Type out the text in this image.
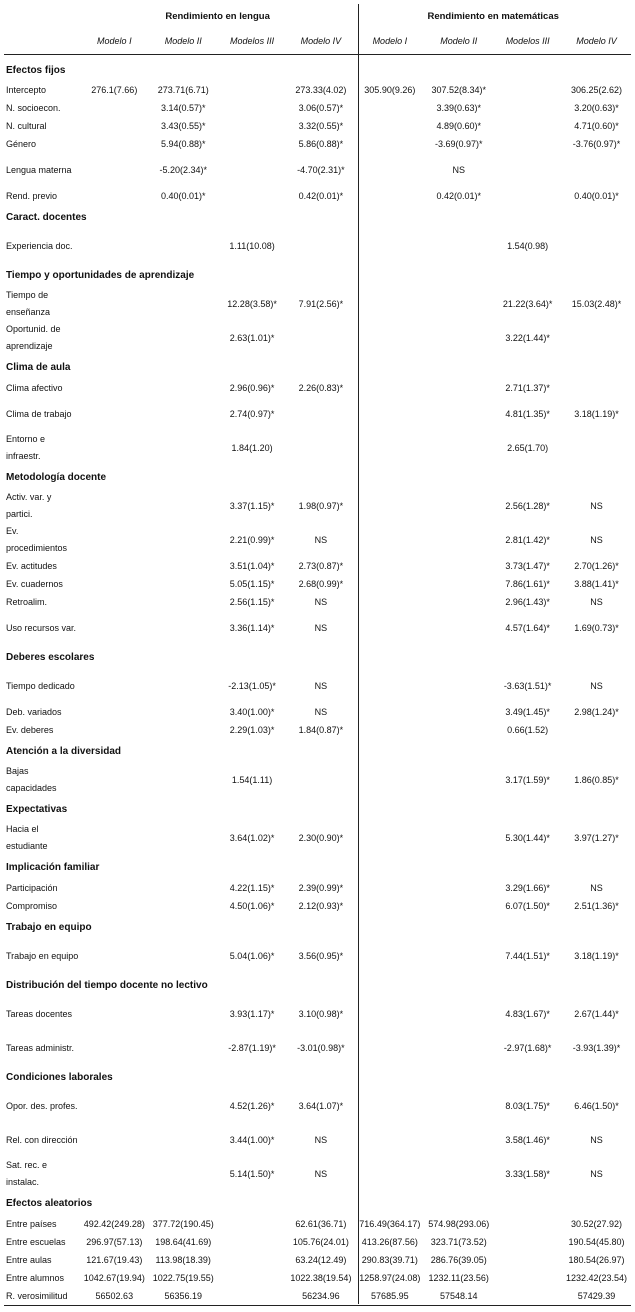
	Rendimiento en lengua				Rendimiento en matemáticas			
	Modelo I	Modelo II	Modelos III	Modelo IV	Modelo I	Modelo II	Modelos III	Modelo IV
Efectos fijos								
Intercepto	276.1(7.66)	273.71(6.71)		273.33(4.02)	305.90(9.26)	307.52(8.34)*		306.25(2.62)
N. socioecon.		3.14(0.57)*		3.06(0.57)*		3.39(0.63)*		3.20(0.63)*
N. cultural		3.43(0.55)*		3.32(0.55)*		4.89(0.60)*		4.71(0.60)*
Género		5.94(0.88)*		5.86(0.88)*		-3.69(0.97)*		-3.76(0.97)*
Lengua materna		-5.20(2.34)*		-4.70(2.31)*		NS		
Rend. previo		0.40(0.01)*		0.42(0.01)*		0.42(0.01)*		0.40(0.01)*
Caract. docentes								
Experiencia doc.			1.11(10.08)				1.54(0.98)	
Tiempo y oportunidades de aprendizaje								
Tiempo de enseñanza			12.28(3.58)*	7.91(2.56)*			21.22(3.64)*	15.03(2.48)*
Oportunid. de aprendizaje			2.63(1.01)*				3.22(1.44)*	
Clima de aula								
Clima afectivo			2.96(0.96)*	2.26(0.83)*			2.71(1.37)*	
Clima de trabajo			2.74(0.97)*				4.81(1.35)*	3.18(1.19)*
Entorno e infraestr.			1.84(1.20)				2.65(1.70)	
Metodología docente								
Activ. var. y partici.			3.37(1.15)*	1.98(0.97)*			2.56(1.28)*	NS
Ev. procedimientos			2.21(0.99)*	NS			2.81(1.42)*	NS
Ev. actitudes			3.51(1.04)*	2.73(0.87)*			3.73(1.47)*	2.70(1.26)*
Ev. cuadernos			5.05(1.15)*	2.68(0.99)*			7.86(1.61)*	3.88(1.41)*
Retroalim.			2.56(1.15)*	NS			2.96(1.43)*	NS
Uso recursos var.			3.36(1.14)*	NS			4.57(1.64)*	1.69(0.73)*
Deberes escolares								
Tiempo dedicado			-2.13(1.05)*	NS			-3.63(1.51)*	NS
Deb. variados			3.40(1.00)*	NS			3.49(1.45)*	2.98(1.24)*
Ev. deberes			2.29(1.03)*	1.84(0.87)*			0.66(1.52)	
Atención a la diversidad								
Bajas capacidades			1.54(1.11)				3.17(1.59)*	1.86(0.85)*
Expectativas								
Hacia el estudiante			3.64(1.02)*	2.30(0.90)*			5.30(1.44)*	3.97(1.27)*
Implicación familiar								
Participación			4.22(1.15)*	2.39(0.99)*			3.29(1.66)*	NS
Compromiso			4.50(1.06)*	2.12(0.93)*			6.07(1.50)*	2.51(1.36)*
Trabajo en equipo								
Trabajo en equipo			5.04(1.06)*	3.56(0.95)*			7.44(1.51)*	3.18(1.19)*
Distribución del tiempo docente no lectivo								
Tareas docentes			3.93(1.17)*	3.10(0.98)*			4.83(1.67)*	2.67(1.44)*
Tareas administr.			-2.87(1.19)*	-3.01(0.98)*			-2.97(1.68)*	-3.93(1.39)*
Condiciones laborales								
Opor. des. profes.			4.52(1.26)*	3.64(1.07)*			8.03(1.75)*	6.46(1.50)*
Rel. con dirección			3.44(1.00)*	NS			3.58(1.46)*	NS
Sat. rec. e instalac.			5.14(1.50)*	NS			3.33(1.58)*	NS
Efectos aleatorios								
Entre países	492.42(249.28)	377.72(190.45)		62.61(36.71)	716.49(364.17)	574.98(293.06)		30.52(27.92)
Entre escuelas	296.97(57.13)	198.64(41.69)		105.76(24.01)	413.26(87.56)	323.71(73.52)		190.54(45.80)
Entre aulas	121.67(19.43)	113.98(18.39)		63.24(12.49)	290.83(39.71)	286.76(39.05)		180.54(26.97)
Entre alumnos	1042.67(19.94)	1022.75(19.55)		1022.38(19.54)	1258.97(24.08)	1232.11(23.56)		1232.42(23.54)
R. verosimilitud	56502.63	56356.19		56234.96	57685.95	57548.14		57429.39
